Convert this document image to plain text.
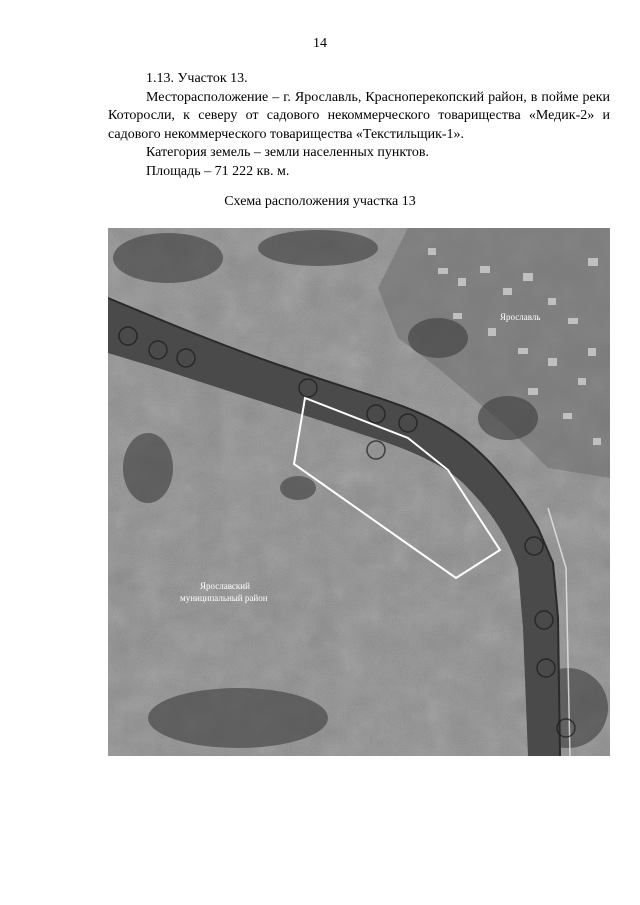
14

1.13. Участок 13.

Месторасположение – г. Ярославль, Красноперекопский район, в пойме реки Которосли, к северу от садового некоммерческого товарищества «Медик-2» и садового некоммерческого товарищества «Текстильщик-1».

Категория земель – земли населенных пунктов.

Площадь – 71 222 кв. м.

Схема расположения участка 13
Ярославль
Ярославский
муниципальный район
